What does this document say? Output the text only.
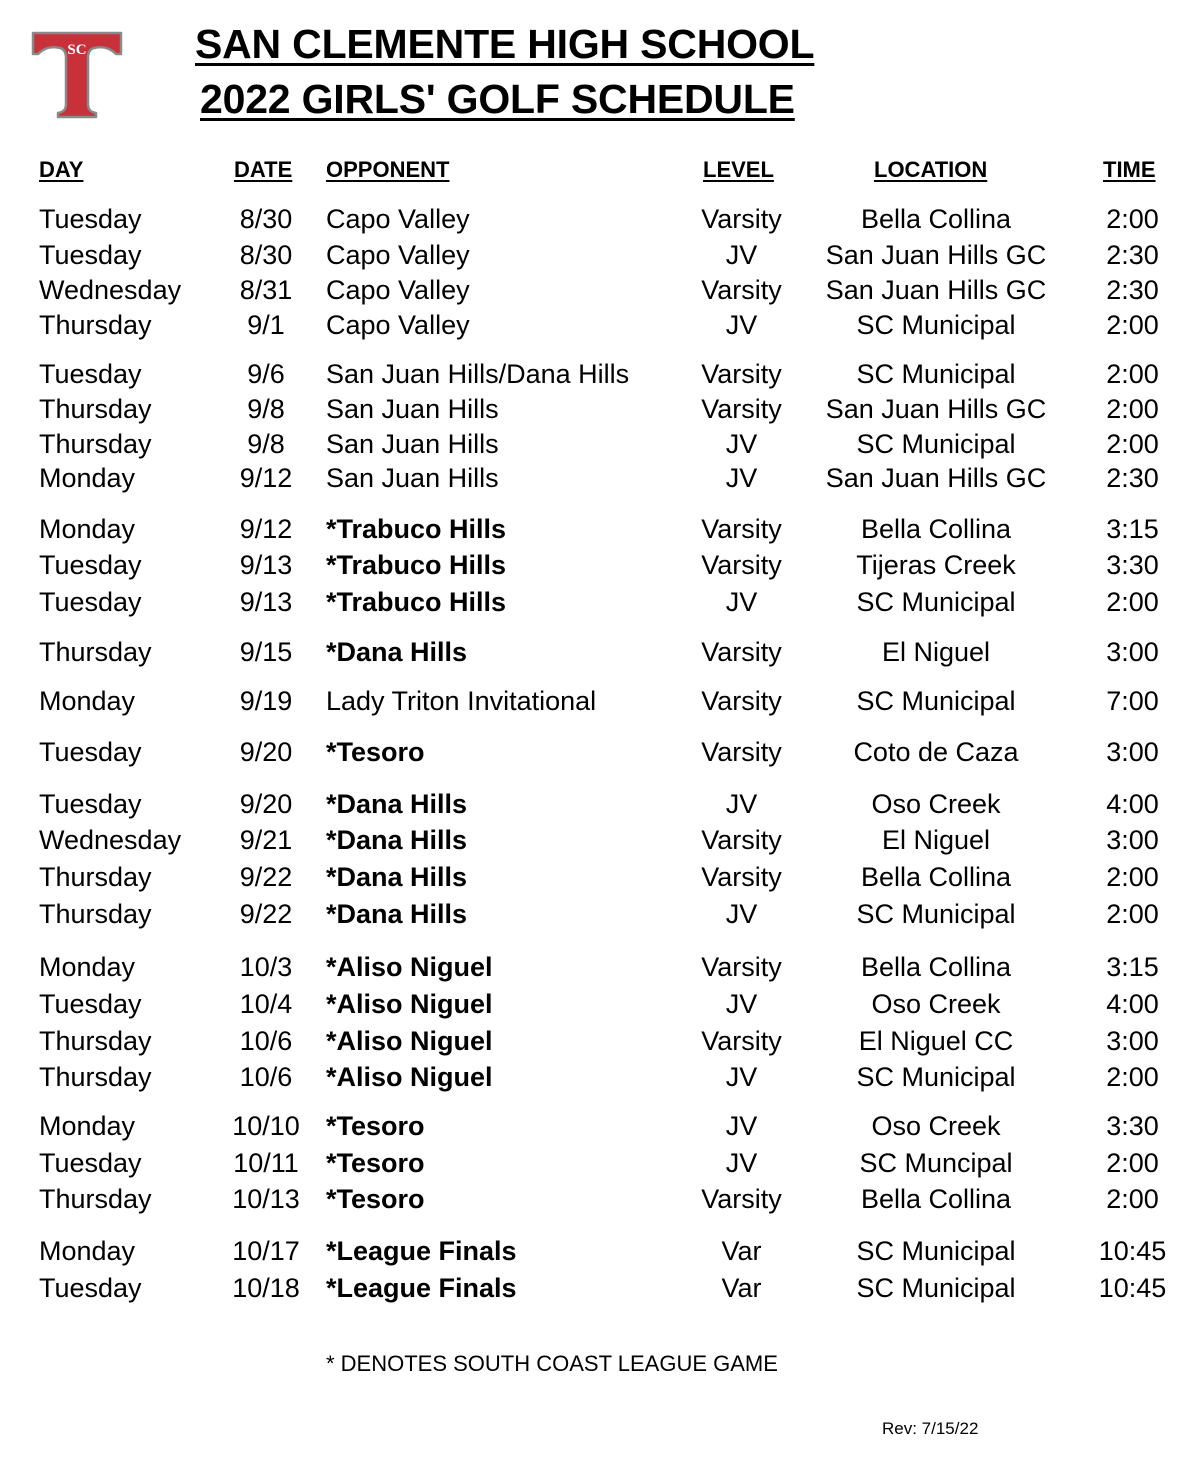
SC	SAN CLEMENTE HIGH SCHOOL
2022 GIRLS' GOLF SCHEDULE
DAY	DATE OPPONENT	LEVEL	LOCATION	TIME
Tuesday	8/30	Capo Valley	Varsity	Bella Collina	2:00
Tuesday	8/30	Capo Valley	JV	San Juan Hills GC	2:30
Wednesday	8/31	Capo Valley	Varsity	San Juan Hills GC	2:30
Thursday	9/1	Capo Valley	JV	SC Municipal	2:00
Tuesday	9/6	San Juan Hills/Dana Hills	Varsity	SC Municipal	2:00
Thursday	9/8	San Juan Hills	Varsity	San Juan Hills GC	2:00
Thursday	9/8	San Juan Hills	JV	SC Municipal	2:00
Monday	9/12	San Juan Hills	JV	San Juan Hills GC	2:30
Monday	9/12	*Trabuco Hills	Varsity	Bella Collina	3:15
Tuesday	9/13	*Trabuco Hills	Varsity	Tijeras Creek	3:30
Tuesday	9/13	*Trabuco Hills	JV	SC Municipal	2:00
Thursday	9/15	*Dana Hills	Varsity	El Niguel	3:00
Monday	9/19	Lady Triton Invitational	Varsity	SC Municipal	7:00
Tuesday	9/20	*Tesoro	Varsity	Coto de Caza	3:00
Tuesday	9/20	*Dana Hills	JV	Oso Creek	4:00
Wednesday	9/21	*Dana Hills	Varsity	El Niguel	3:00
Thursday	9/22	*Dana Hills	Varsity	Bella Collina	2:00
Thursday	9/22	*Dana Hills	JV	SC Municipal	2:00
Monday	10/3	*Aliso Niguel	Varsity	Bella Collina	3:15
Tuesday	10/4	*Aliso Niguel	JV	Oso Creek	4:00
Thursday	10/6	*Aliso Niguel	Varsity	El Niguel CC	3:00
Thursday	10/6	*Aliso Niguel	JV	SC Municipal	2:00
Monday	10/10 *Tesoro	JV	Oso Creek	3:30
Tuesday	10/11	*Tesoro	JV	SC Muncipal	2:00
Thursday	10/13 *Tesoro	Varsity	Bella Collina	2:00
Monday	10/17 *League Finals	Var	SC Municipal	10:45
Tuesday	10/18 *League Finals	Var	SC Municipal	10:45
* DENOTES SOUTH COAST LEAGUE GAME
Rev: 7/15/22
